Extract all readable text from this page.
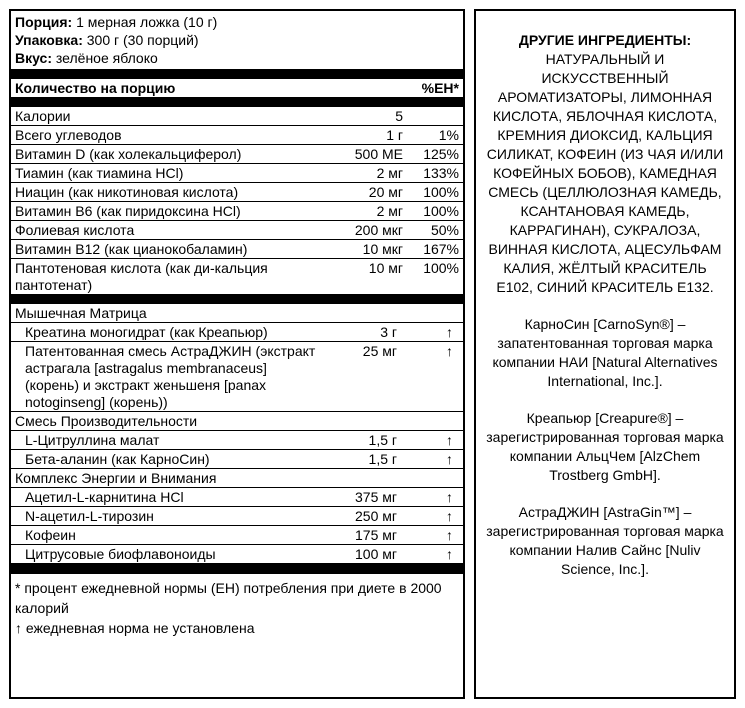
Порция: 1 мерная ложка (10 г)
Упаковка: 300 г (30 порций)
Вкус: зелёное яблоко
Количество на порцию	%ЕН*
Калории	5
Всего углеводов	1 г	1%
Витамин D (как холекальциферол)	500 МЕ	125%
Тиамин (как тиамина HCl)	2 мг	133%
Ниацин (как никотиновая кислота)	20 мг	100%
Витамин B6 (как пиридоксина HCl)	2 мг	100%
Фолиевая кислота	200 мкг	50%
Витамин B12 (как цианокобаламин)	10 мкг	167%
Пантотеновая кислота (как ди-кальция пантотенат)
10 мг	100%
Мышечная Матрица
Креатина моногидрат (как Креапьюр)	3 г	↑
Патентованная смесь АстраДЖИН (экстракт астрагала [astragalus membranaceus] (корень) и экстракт женьшеня [panax notoginseng] (корень))
25 мг	↑
Смесь Производительности
L-Цитруллина малат	1,5 г	↑
Бета-аланин (как КарноСин)	1,5 г	↑
Комплекс Энергии и Внимания
Ацетил-L-карнитина HCl	375 мг	↑
N-ацетил-L-тирозин	250 мг	↑
Кофеин	175 мг	↑
Цитрусовые биофлавоноиды	100 мг	↑
* процент ежедневной нормы (ЕН) потребления при диете в 2000 калорий
↑ ежедневная норма не установлена
ДРУГИЕ ИНГРЕДИЕНТЫ:
НАТУРАЛЬНЫЙ И ИСКУССТВЕННЫЙ АРОМАТИЗАТОРЫ, ЛИМОННАЯ КИСЛОТА, ЯБЛОЧНАЯ КИСЛОТА, КРЕМНИЯ ДИОКСИД, КАЛЬЦИЯ СИЛИКАТ, КОФЕИН (ИЗ ЧАЯ И/ИЛИ КОФЕЙНЫХ БОБОВ), КАМЕДНАЯ СМЕСЬ (ЦЕЛЛЮЛОЗНАЯ КАМЕДЬ, КСАНТАНОВАЯ КАМЕДЬ, КАРРАГИНАН), СУКРАЛОЗА, ВИННАЯ КИСЛОТА, АЦЕСУЛЬФАМ КАЛИЯ, ЖЁЛТЫЙ КРАСИТЕЛЬ Е102, СИНИЙ КРАСИТЕЛЬ Е132.
КарноСин [CarnoSyn®] – запатентованная торговая марка компании НАИ [Natural Alternatives International, Inc.].
Креапьюр [Creapure®] – зарегистрированная торговая марка компании АльцЧем [AlzChem Trostberg GmbH].
АстраДЖИН [AstraGin™] – зарегистрированная торговая марка компании Налив Сайнс [Nuliv Science, Inc.].
